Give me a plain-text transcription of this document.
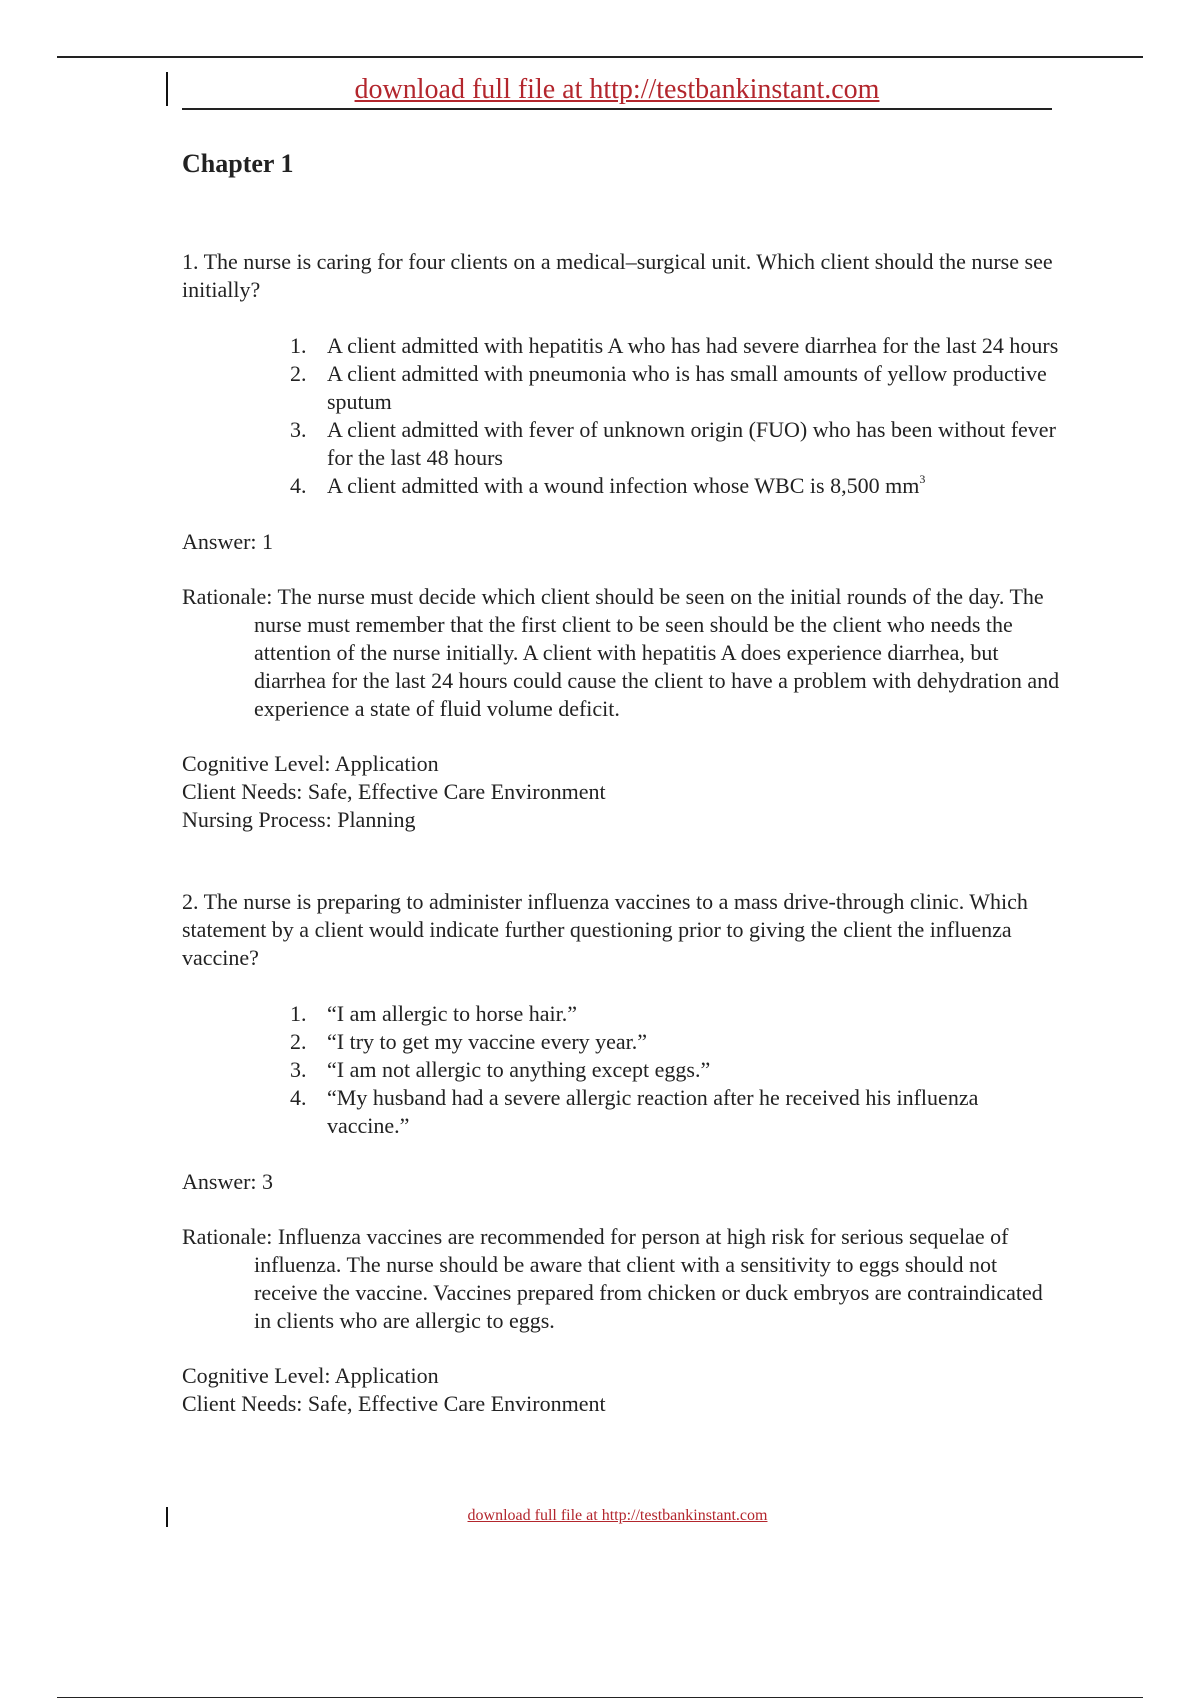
download full file at http://testbankinstant.com

Chapter 1

1. The nurse is caring for four clients on a medical–surgical unit. Which client should the nurse see initially?

1. A client admitted with hepatitis A who has had severe diarrhea for the last 24 hours
2. A client admitted with pneumonia who is has small amounts of yellow productive sputum
3. A client admitted with fever of unknown origin (FUO) who has been without fever for the last 48 hours
4. A client admitted with a wound infection whose WBC is 8,500 $mm^3$

Answer: 1

Rationale: The nurse must decide which client should be seen on the initial rounds of the day. The nurse must remember that the first client to be seen should be the client who needs the attention of the nurse initially. A client with hepatitis A does experience diarrhea, but diarrhea for the last 24 hours could cause the client to have a problem with dehydration and experience a state of fluid volume deficit.

Cognitive Level: Application

Client Needs: Safe, Effective Care Environment

Nursing Process: Planning

2. The nurse is preparing to administer influenza vaccines to a mass drive-through clinic. Which statement by a client would indicate further questioning prior to giving the client the influenza vaccine?

1. “I am allergic to horse hair.”
2. “I try to get my vaccine every year.”
3. “I am not allergic to anything except eggs.”
4. “My husband had a severe allergic reaction after he received his influenza vaccine.”

Answer: 3

Rationale: Influenza vaccines are recommended for person at high risk for serious sequelae of influenza. The nurse should be aware that client with a sensitivity to eggs should not receive the vaccine. Vaccines prepared from chicken or duck embryos are contraindicated in clients who are allergic to eggs.

Cognitive Level: Application

Client Needs: Safe, Effective Care Environment

download full file at http://testbankinstant.com
